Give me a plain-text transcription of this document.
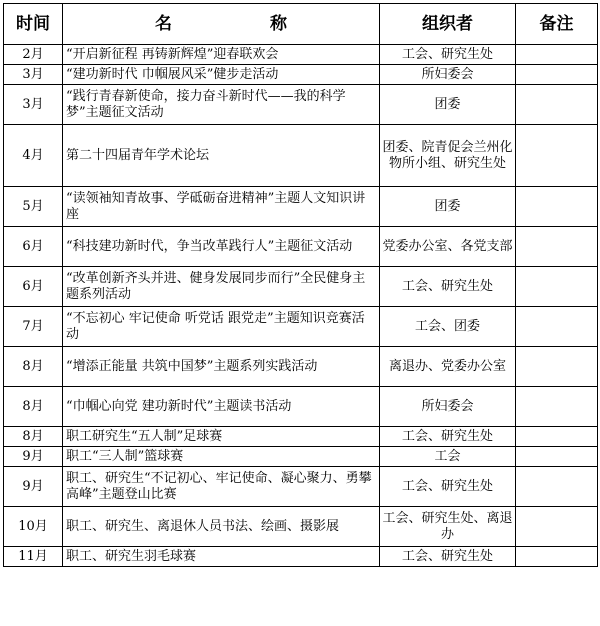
时间	名 称	组织者	备注
2月	“开启新征程 再铸新辉煌”迎春联欢会	工会、研究生处	
3月	“建功新时代 巾帼展风采”健步走活动	所妇委会	
3月	“践行青春新使命，接力奋斗新时代——我的科学梦”主题征文活动	团委	
4月	第二十四届青年学术论坛	团委、院青促会兰州化物所小组、研究生处	
5月	“读领袖知青故事、学砥砺奋进精神”主题人文知识讲座	团委	
6月	“科技建功新时代，争当改革践行人”主题征文活动	党委办公室、各党支部	
6月	“改革创新齐头并进、健身发展同步而行”全民健身主题系列活动	工会、研究生处	
7月	“不忘初心 牢记使命 听党话 跟党走”主题知识竞赛活动	工会、团委	
8月	“增添正能量 共筑中国梦”主题系列实践活动	离退办、党委办公室	
8月	“巾帼心向党 建功新时代”主题读书活动	所妇委会	
8月	职工研究生“五人制”足球赛	工会、研究生处	
9月	职工“三人制”篮球赛	工会	
9月	职工、研究生“不记初心、牢记使命、凝心聚力、勇攀高峰”主题登山比赛	工会、研究生处	
10月	职工、研究生、离退休人员书法、绘画、摄影展	工会、研究生处、离退办	
11月	职工、研究生羽毛球赛	工会、研究生处	
